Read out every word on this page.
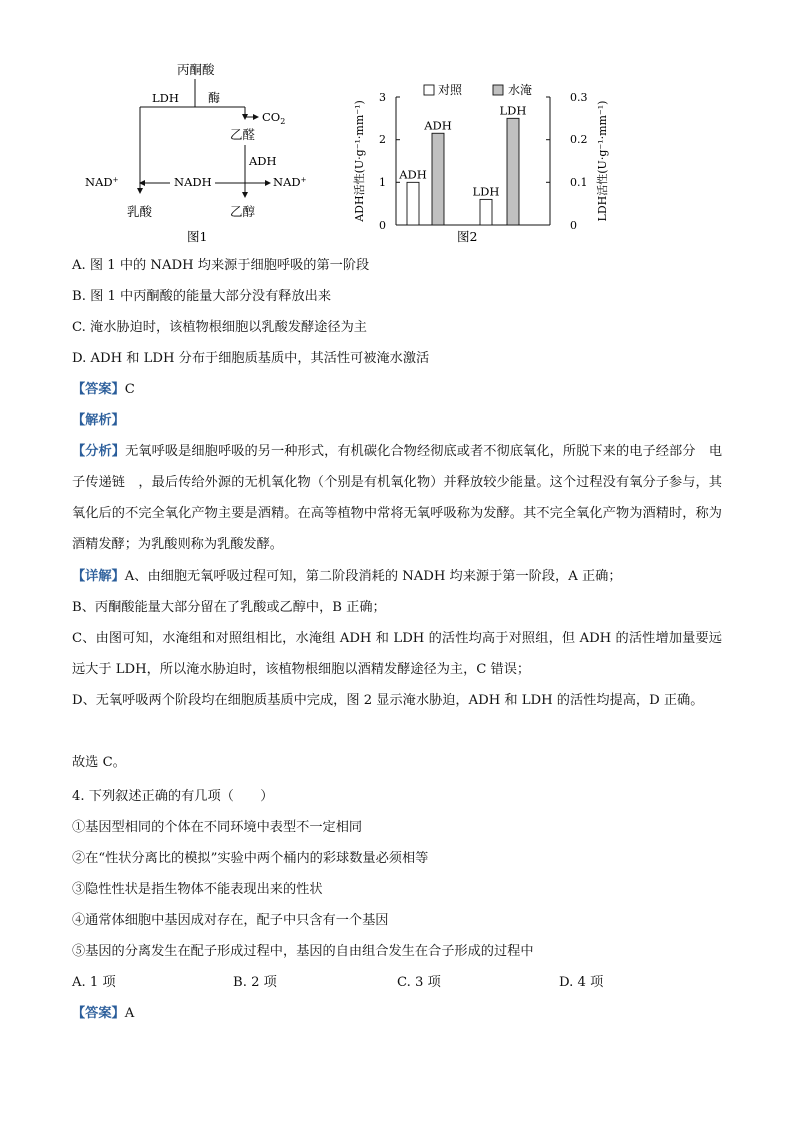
丙酮酸
LDH 酶
$CO_2$
乙醛
ADH
NAD+	NADH	NAD+
乳酸	乙醇
图1
对照	水淹
3
2
1
0
0.3
0.2
0.1
0
ADH活性(U·g⁻¹·mm⁻¹)	LDH活性(U·g⁻¹·mm⁻¹)
ADH
ADH
LDH
LDH
图2
A. 图 1 中的 NADH 均来源于细胞呼吸的第一阶段
B. 图 1 中丙酮酸的能量大部分没有释放出来
C. 淹水胁迫时，该植物根细胞以乳酸发酵途径为主
D. ADH 和 LDH 分布于细胞质基质中，其活性可被淹水激活
【答案】C
【解析】
【分析】无氧呼吸是细胞呼吸的另一种形式，有机碳化合物经彻底或者不彻底氧化，所脱下来的电子经部分　电子传递链　，最后传给外源的无机氧化物（个别是有机氧化物）并释放较少能量。这个过程没有氧分子参与，其氧化后的不完全氧化产物主要是酒精。在高等植物中常将无氧呼吸称为发酵。其不完全氧化产物为酒精时，称为酒精发酵；为乳酸则称为乳酸发酵。
【详解】A、由细胞无氧呼吸过程可知，第二阶段消耗的 NADH 均来源于第一阶段，A 正确；
B、丙酮酸能量大部分留在了乳酸或乙醇中，B 正确；
C、由图可知，水淹组和对照组相比，水淹组 ADH 和 LDH 的活性均高于对照组，但 ADH 的活性增加量要远远大于 LDH，所以淹水胁迫时，该植物根细胞以酒精发酵途径为主，C 错误；
D、无氧呼吸两个阶段均在细胞质基质中完成，图 2 显示淹水胁迫，ADH 和 LDH 的活性均提高，D 正确。
故选 C。
4. 下列叙述正确的有几项（　　）
①基因型相同的个体在不同环境中表型不一定相同
②在“性状分离比的模拟”实验中两个桶内的彩球数量必须相等
③隐性性状是指生物体不能表现出来的性状
④通常体细胞中基因成对存在，配子中只含有一个基因
⑤基因的分离发生在配子形成过程中，基因的自由组合发生在合子形成的过程中
A. 1 项	B. 2 项	C. 3 项	D. 4 项
【答案】A
